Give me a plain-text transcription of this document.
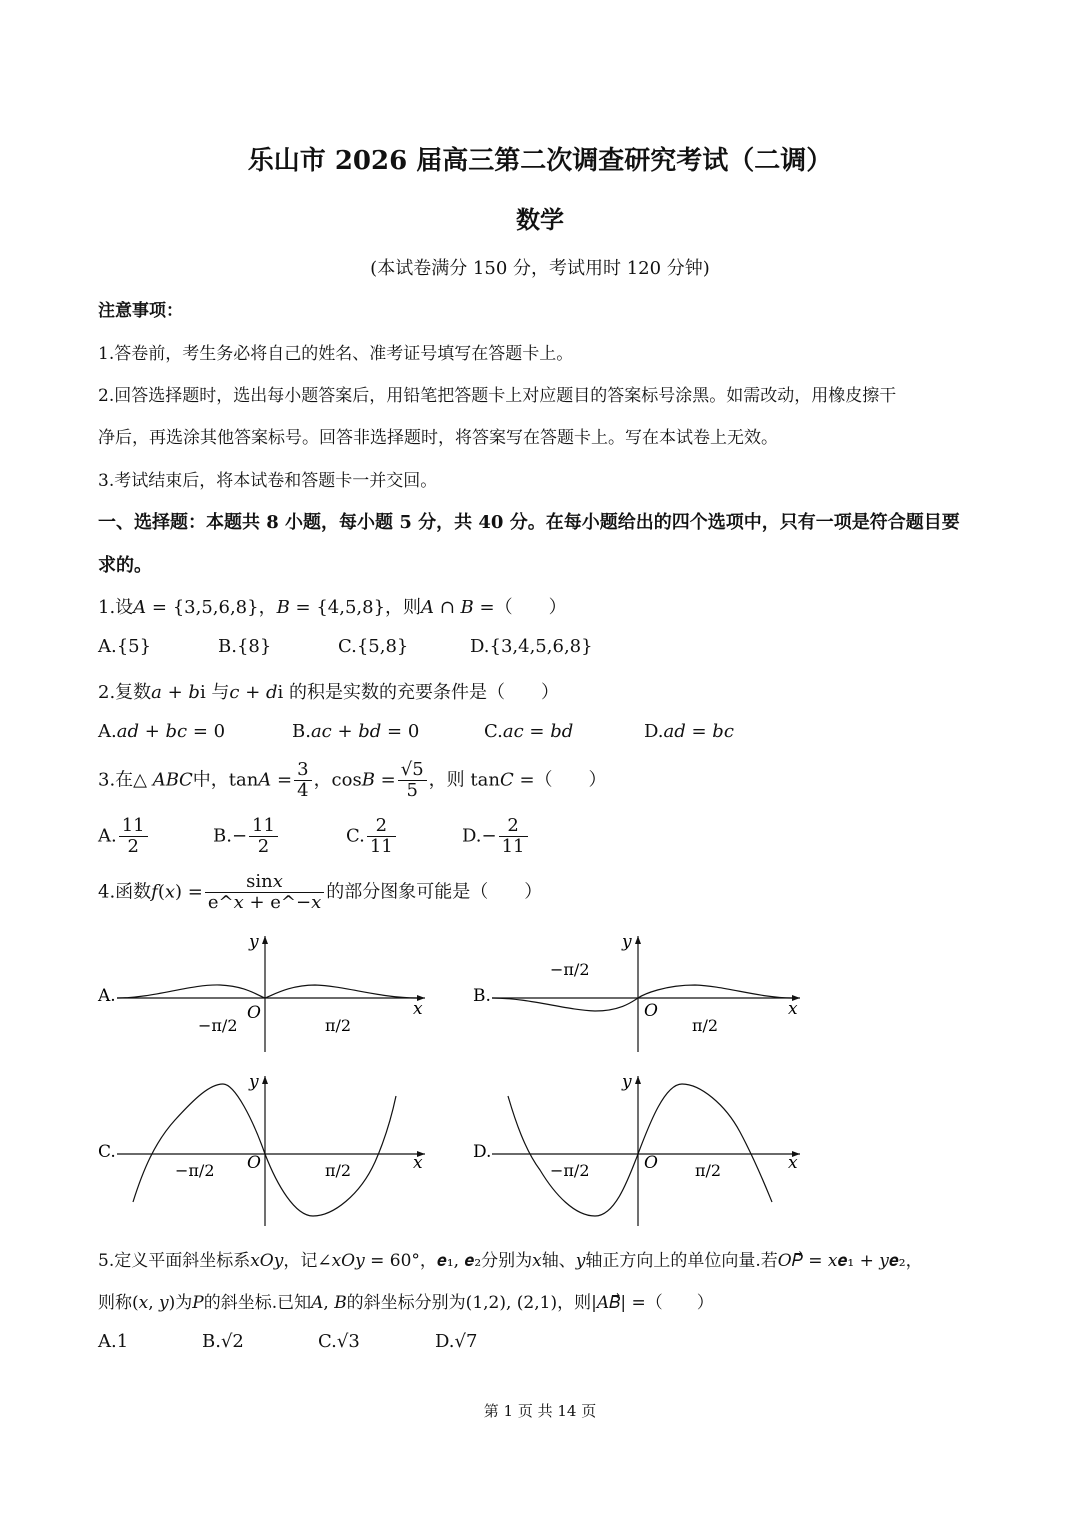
乐山市 2026 届高三第二次调查研究考试（二调）
数学
(本试卷满分 150 分，考试用时 120 分钟)
注意事项：
1.答卷前，考生务必将自己的姓名、准考证号填写在答题卡上。
2.回答选择题时，选出每小题答案后，用铅笔把答题卡上对应题目的答案标号涂黑。如需改动，用橡皮擦干
净后，再选涂其他答案标号。回答非选择题时，将答案写在答题卡上。写在本试卷上无效。
3.考试结束后，将本试卷和答题卡一并交回。
一、选择题：本题共 8 小题，每小题 5 分，共 40 分。在每小题给出的四个选项中，只有一项是符合题目要
求的。
1.设𝐴 = {3,5,6,8}，𝐵 = {4,5,8}，则𝐴 ∩ 𝐵 =（　　）
A.{5}	B.{8}	C.{5,8}	D.{3,4,5,6,8}
2.复数𝑎 + 𝑏i 与𝑐 + 𝑑i 的积是实数的充要条件是（　　）
A.𝑎𝑑 + 𝑏𝑐 = 0	B.𝑎𝑐 + 𝑏𝑑 = 0	C.𝑎𝑐 = 𝑏𝑑	D.𝑎𝑑 = 𝑏𝑐
3.在△ 𝐴𝐵𝐶中，tan𝐴 = $\frac{3}{4}$ ，cos𝐵 = $\frac{√5}{5}$ ，则 tan𝐶 =（　　）
A. $\frac{11}{2}$	$B.- \frac{11}{2}$	C. $\frac{2}{11}$	$D.- \frac{2}{11}$
4.函数𝑓(𝑥) = $\frac{\text{sin𝑥}}{\text{e\textasciicircum{}𝑥 + e\textasciicircum{}−𝑥}}$ 的部分图象可能是（　　）
A.
O	x
y
−π/2	π/2
B.
O	x
y
−π/2
π/2
C.
O	x
y
−π/2	π/2
D.
O	x
y
−π/2	π/2
5.定义平面斜坐标系𝑥𝑂𝑦，记∠𝑥𝑂𝑦 = 60°，𝒆₁, 𝒆₂分别为𝑥轴、𝑦轴正方向上的单位向量.若𝑂𝑃⃗ = 𝑥𝒆₁ + 𝑦𝒆₂，
则称(𝑥, 𝑦)为𝑃的斜坐标.已知𝐴, 𝐵的斜坐标分别为(1,2), (2,1)，则|𝐴𝐵⃗| =（　　）
A.1	B.√2	C.√3	D.√7
第 1 页 共 14 页
